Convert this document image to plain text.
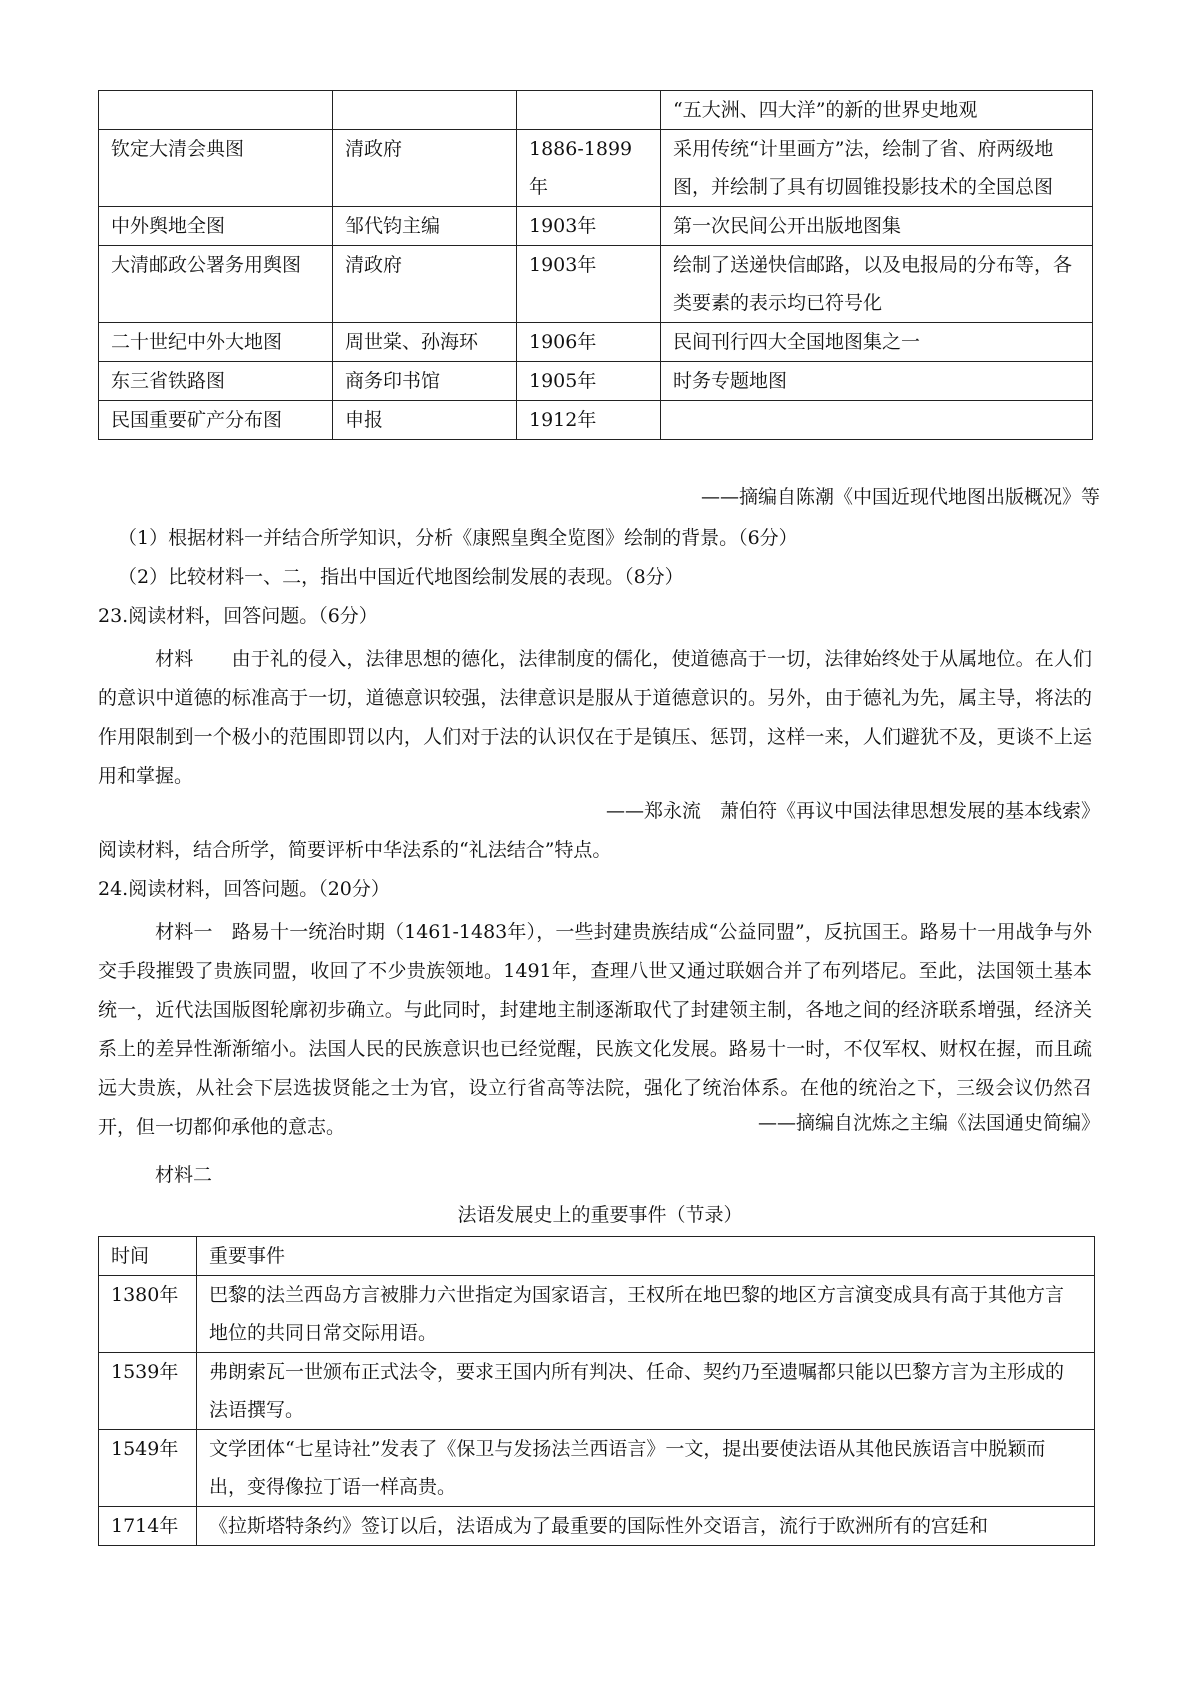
			“五大洲、四大洋”的新的世界史地观
钦定大清会典图	清政府	1886-1899年	采用传统“计里画方”法，绘制了省、府两级地图，并绘制了具有切圆锥投影技术的全国总图
中外舆地全图	邹代钧主编	1903年	第一次民间公开出版地图集
大清邮政公署务用舆图	清政府	1903年	绘制了送递快信邮路，以及电报局的分布等，各类要素的表示均已符号化
二十世纪中外大地图	周世棠、孙海环	1906年	民间刊行四大全国地图集之一
东三省铁路图	商务印书馆	1905年	时务专题地图
民国重要矿产分布图	申报	1912年	
——摘编自陈潮《中国近现代地图出版概况》等
（1）根据材料一并结合所学知识，分析《康熙皇舆全览图》绘制的背景。（6分）
（2）比较材料一、二，指出中国近代地图绘制发展的表现。（8分）
23.阅读材料，回答问题。（6分）
材料　　 由于礼的侵入，法律思想的德化，法律制度的儒化，使道德高于一切，法律始终处于从属地位。在人们的意识中道德的标准高于一切，道德意识较强，法律意识是服从于道德意识的。另外，由于德礼为先，属主导，将法的作用限制到一个极小的范围即罚以内，人们对于法的认识仅在于是镇压、惩罚，这样一来，人们避犹不及，更谈不上运用和掌握。
——郑永流　萧伯符《再议中国法律思想发展的基本线索》
阅读材料，结合所学，简要评析中华法系的“礼法结合”特点。
24.阅读材料，回答问题。（20分）
材料一　 路易十一统治时期（1461-1483年），一些封建贵族结成“公益同盟”，反抗国王。路易十一用战争与外交手段摧毁了贵族同盟，收回了不少贵族领地。1491年，查理八世又通过联姻合并了布列塔尼。至此，法国领土基本统一，近代法国版图轮廓初步确立。与此同时，封建地主制逐渐取代了封建领主制，各地之间的经济联系增强，经济关系上的差异性渐渐缩小。法国人民的民族意识也已经觉醒，民族文化发展。路易十一时，不仅军权、财权在握，而且疏远大贵族，从社会下层选拔贤能之士为官，设立行省高等法院，强化了统治体系。在他的统治之下，三级会议仍然召开，但一切都仰承他的意志。	——摘编自沈炼之主编《法国通史简编》
材料二
法语发展史上的重要事件（节录）
时间	重要事件
1380年	巴黎的法兰西岛方言被腓力六世指定为国家语言，王权所在地巴黎的地区方言演变成具有高于其他方言地位的共同日常交际用语。
1539年	弗朗索瓦一世颁布正式法令，要求王国内所有判决、任命、契约乃至遗嘱都只能以巴黎方言为主形成的法语撰写。
1549年	文学团体“七星诗社”发表了《保卫与发扬法兰西语言》一文，提出要使法语从其他民族语言中脱颖而出，变得像拉丁语一样高贵。
1714年	《拉斯塔特条约》签订以后，法语成为了最重要的国际性外交语言，流行于欧洲所有的宫廷和
